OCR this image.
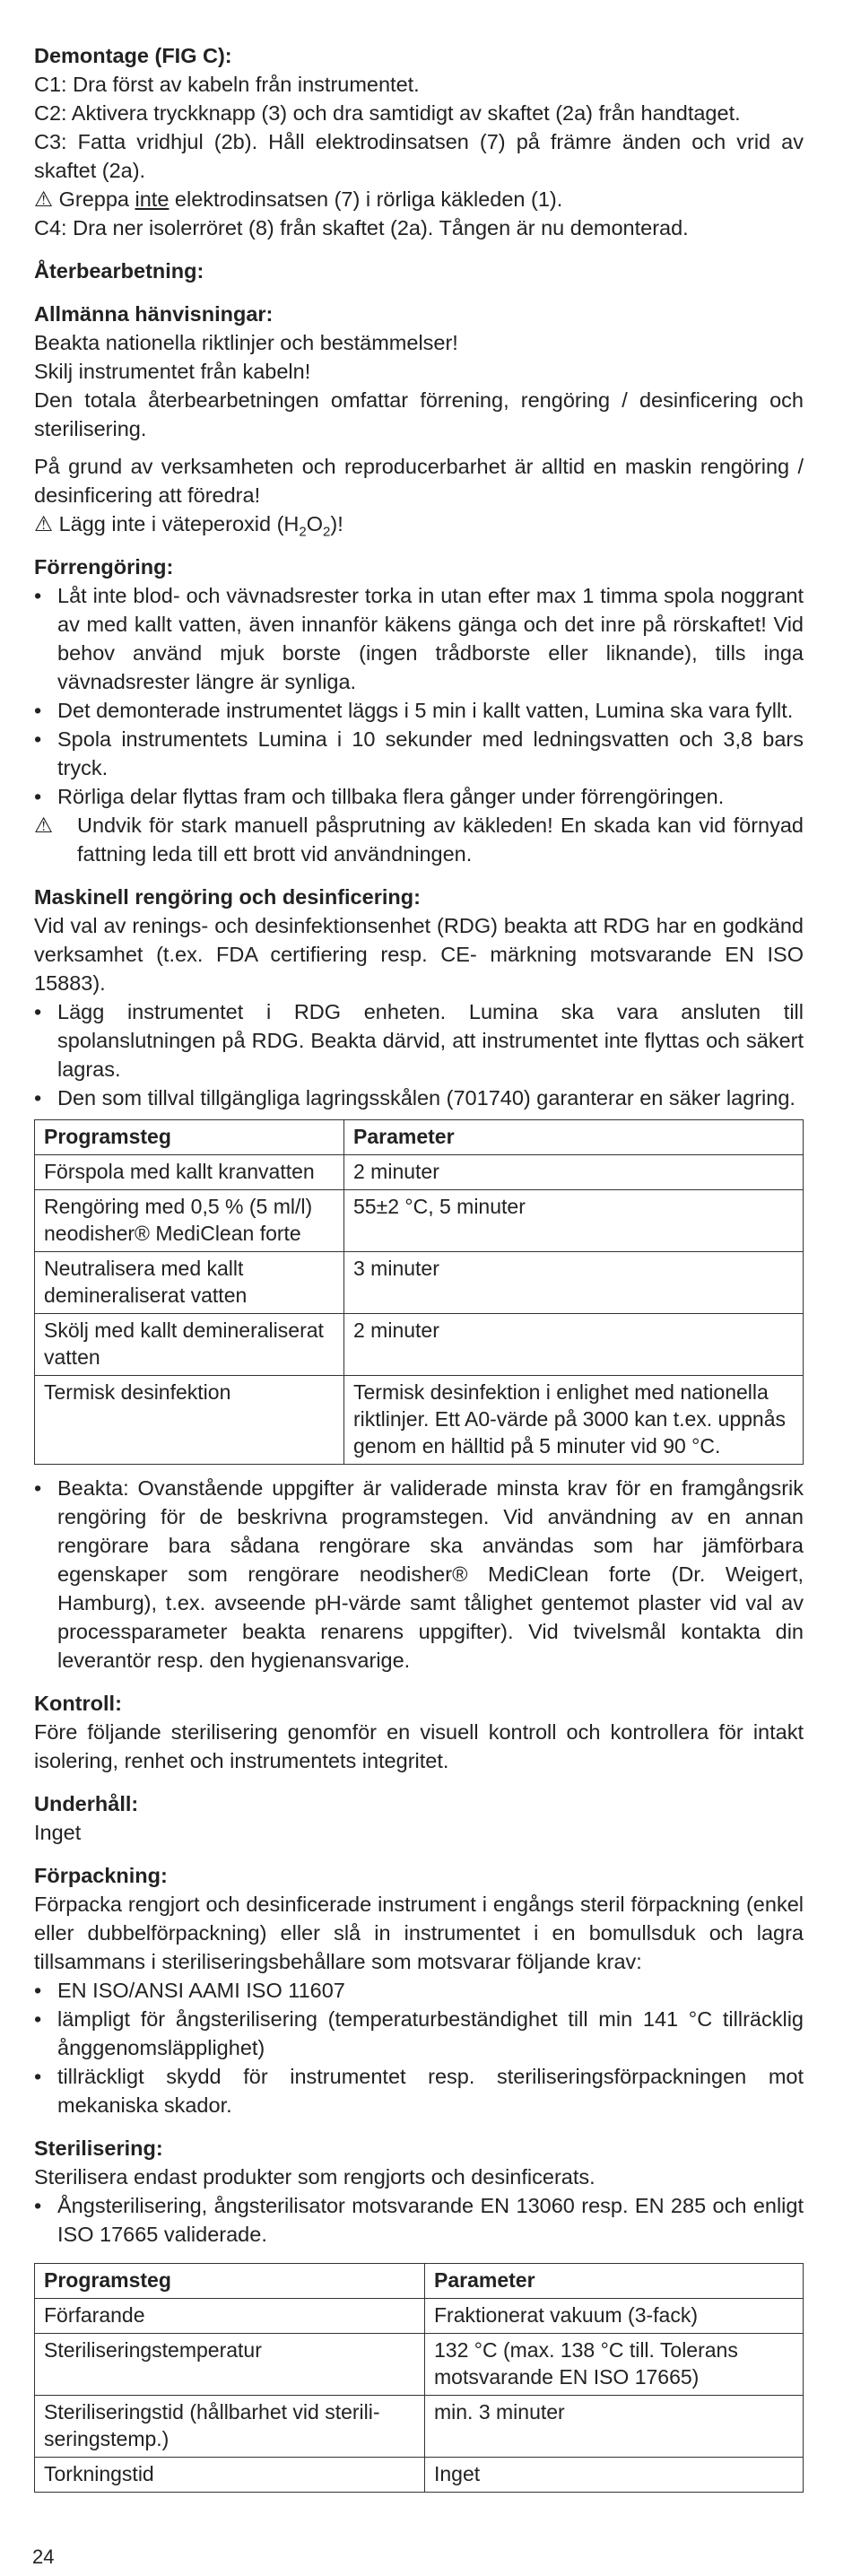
Demontage (FIG C):

C1: Dra först av kabeln från instrumentet.

C2: Aktivera tryckknapp (3) och dra samtidigt av skaftet (2a) från handtaget.

C3: Fatta vridhjul (2b). Håll elektrodinsatsen (7) på främre änden och vrid av skaftet (2a).

⚠ Greppa inte elektrodinsatsen (7) i rörliga käkleden (1).

C4: Dra ner isolerröret (8) från skaftet (2a). Tången är nu demonterad.

Återbearbetning:

Allmänna hänvisningar:

Beakta nationella riktlinjer och bestämmelser!

Skilj instrumentet från kabeln!

Den totala återbearbetningen omfattar förrening, rengöring / desinficering och sterilisering.

På grund av verksamheten och reproducerbarhet är alltid en maskin rengöring / desinficering att föredra!

⚠ Lägg inte i väteperoxid $(H_2O_2)$!

Förrengöring:

• Låt inte blod- och vävnadsrester torka in utan efter max 1 timma spola noggrant av med kallt vatten, även innanför käkens gänga och det inre på rörskaftet! Vid behov använd mjuk borste (ingen trådborste eller liknande), tills inga vävnadsrester längre är synliga.
• Det demonterade instrumentet läggs i 5 min i kallt vatten, Lumina ska vara fyllt.
• Spola instrumentets Lumina i 10 sekunder med ledningsvatten och 3,8 bars tryck.
• Rörliga delar flyttas fram och tillbaka flera gånger under förrengöringen.
⚠ Undvik för stark manuell påsprutning av käkleden! En skada kan vid förnyad fattning leda till ett brott vid användningen.

Maskinell rengöring och desinficering:

Vid val av renings- och desinfektionsenhet (RDG) beakta att RDG har en godkänd verksamhet (t.ex. FDA certifiering resp. CE- märkning motsvarande EN ISO 15883).

• Lägg instrumentet i RDG enheten. Lumina ska vara ansluten till spolanslutningen på RDG. Beakta därvid, att instrumentet inte flyttas och säkert lagras.
• Den som tillval tillgängliga lagringsskålen (701740) garanterar en säker lagring.
Programsteg	Parameter
Förspola med kallt kranvatten	2 minuter
Rengöring med 0,5 % (5 ml/l) neodisher® MediClean forte	55±2 °C, 5 minuter
Neutralisera med kallt demineraliserat vatten	3 minuter
Skölj med kallt demineraliserat vatten	2 minuter
Termisk desinfektion	Termisk desinfektion i enlighet med nationella riktlinjer. Ett A0-värde på 3000 kan t.ex. uppnås genom en hälltid på 5 minuter vid 90 °C.
• Beakta: Ovanstående uppgifter är validerade minsta krav för en framgångsrik rengöring för de beskrivna programstegen. Vid användning av en annan rengörare bara sådana rengörare ska användas som har jämförbara egenskaper som rengörare neodisher® MediClean forte (Dr. Weigert, Hamburg), t.ex. avseende pH-värde samt tålighet gentemot plaster vid val av processparameter beakta renarens uppgifter). Vid tvivelsmål kontakta din leverantör resp. den hygienansvarige.

Kontroll:

Före följande sterilisering genomför en visuell kontroll och kontrollera för intakt isolering, renhet och instrumentets integritet.

Underhåll:

Inget

Förpackning:

Förpacka rengjort och desinficerade instrument i engångs steril förpackning (enkel eller dubbelförpackning) eller slå in instrumentet i en bomullsduk och lagra tillsammans i steriliseringsbehållare som motsvarar följande krav:

• EN ISO/ANSI AAMI ISO 11607
• lämpligt för ångsterilisering (temperaturbeständighet till min 141 °C tillräcklig ånggenomsläpplighet)
• tillräckligt skydd för instrumentet resp. steriliseringsförpackningen mot mekaniska skador.

Sterilisering:

Sterilisera endast produkter som rengjorts och desinficerats.

• Ångsterilisering, ångsterilisator motsvarande EN 13060 resp. EN 285 och enligt ISO 17665 validerade.
Programsteg	Parameter
Förfarande	Fraktionerat vakuum (3-fack)
Steriliseringstemperatur	132 °C (max. 138 °C till. Tolerans motsvarande EN ISO 17665)
Steriliseringstid (hållbarhet vid sterili-seringstemp.)	min. 3 minuter
Torkningstid	Inget
24
